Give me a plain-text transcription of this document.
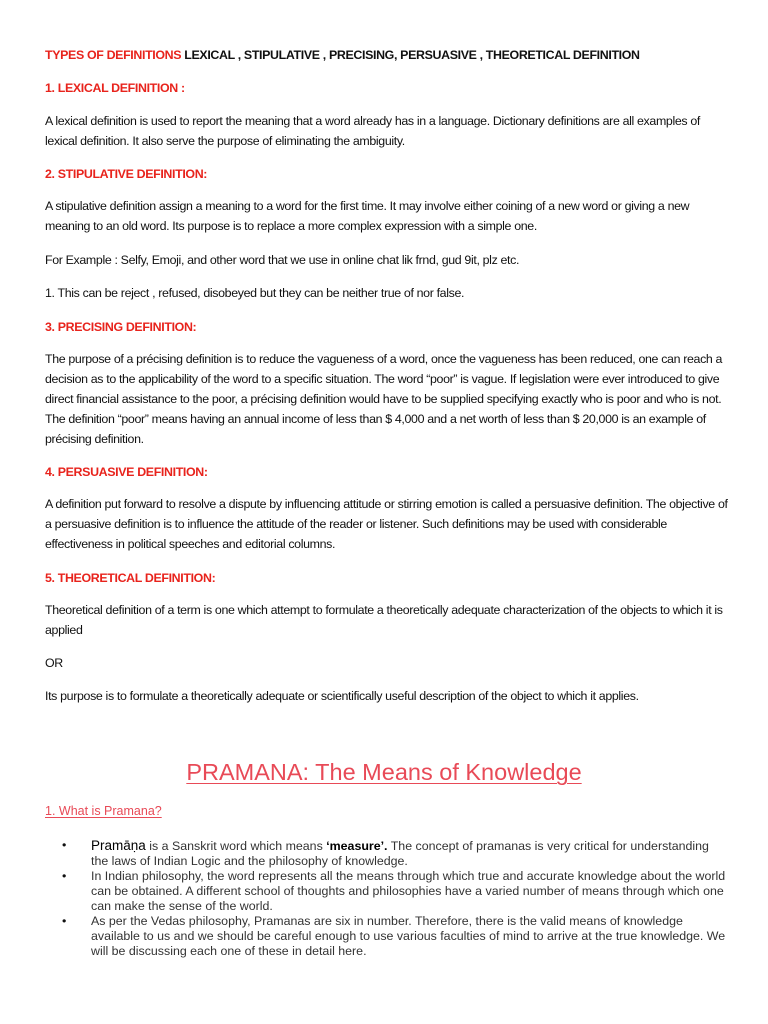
TYPES OF DEFINITIONS LEXICAL , STIPULATIVE , PRECISING, PERSUASIVE , THEORETICAL DEFINITION
1. LEXICAL DEFINITION :

A lexical definition is used to report the meaning that a word already has in a language. Dictionary definitions are all examples of lexical definition. It also serve the purpose of eliminating the ambiguity.

2. STIPULATIVE DEFINITION:

A stipulative definition assign a meaning to a word for the first time. It may involve either coining of a new word or giving a new meaning to an old word. Its purpose is to replace a more complex expression with a simple one.

For Example : Selfy, Emoji, and other word that we use in online chat lik frnd, gud 9it, plz etc.

1. This can be reject , refused, disobeyed but they can be neither true of nor false.

3. PRECISING DEFINITION:

The purpose of a précising definition is to reduce the vagueness of a word, once the vagueness has been reduced, one can reach a decision as to the applicability of the word to a specific situation. The word “poor” is vague. If legislation were ever introduced to give direct financial assistance to the poor, a précising definition would have to be supplied specifying exactly who is poor and who is not. The definition “poor” means having an annual income of less than $ 4,000 and a net worth of less than $ 20,000 is an example of précising definition.

4. PERSUASIVE DEFINITION:

A definition put forward to resolve a dispute by influencing attitude or stirring emotion is called a persuasive definition. The objective of a persuasive definition is to influence the attitude of the reader or listener. Such definitions may be used with considerable effectiveness in political speeches and editorial columns.

5. THEORETICAL DEFINITION:

Theoretical definition of a term is one which attempt to formulate a theoretically adequate characterization of the objects to which it is applied

OR

Its purpose is to formulate a theoretically adequate or scientifically useful description of the object to which it applies.

PRAMANA: The Means of Knowledge
1. What is Pramana?
• Pramāṇa is a Sanskrit word which means ‘measure’. The concept of pramanas is very critical for understanding the laws of Indian Logic and the philosophy of knowledge.
• In Indian philosophy, the word represents all the means through which true and accurate knowledge about the world can be obtained. A different school of thoughts and philosophies have a varied number of means through which one can make the sense of the world.
• As per the Vedas philosophy, Pramanas are six in number. Therefore, there is the valid means of knowledge available to us and we should be careful enough to use various faculties of mind to arrive at the true knowledge. We will be discussing each one of these in detail here.
